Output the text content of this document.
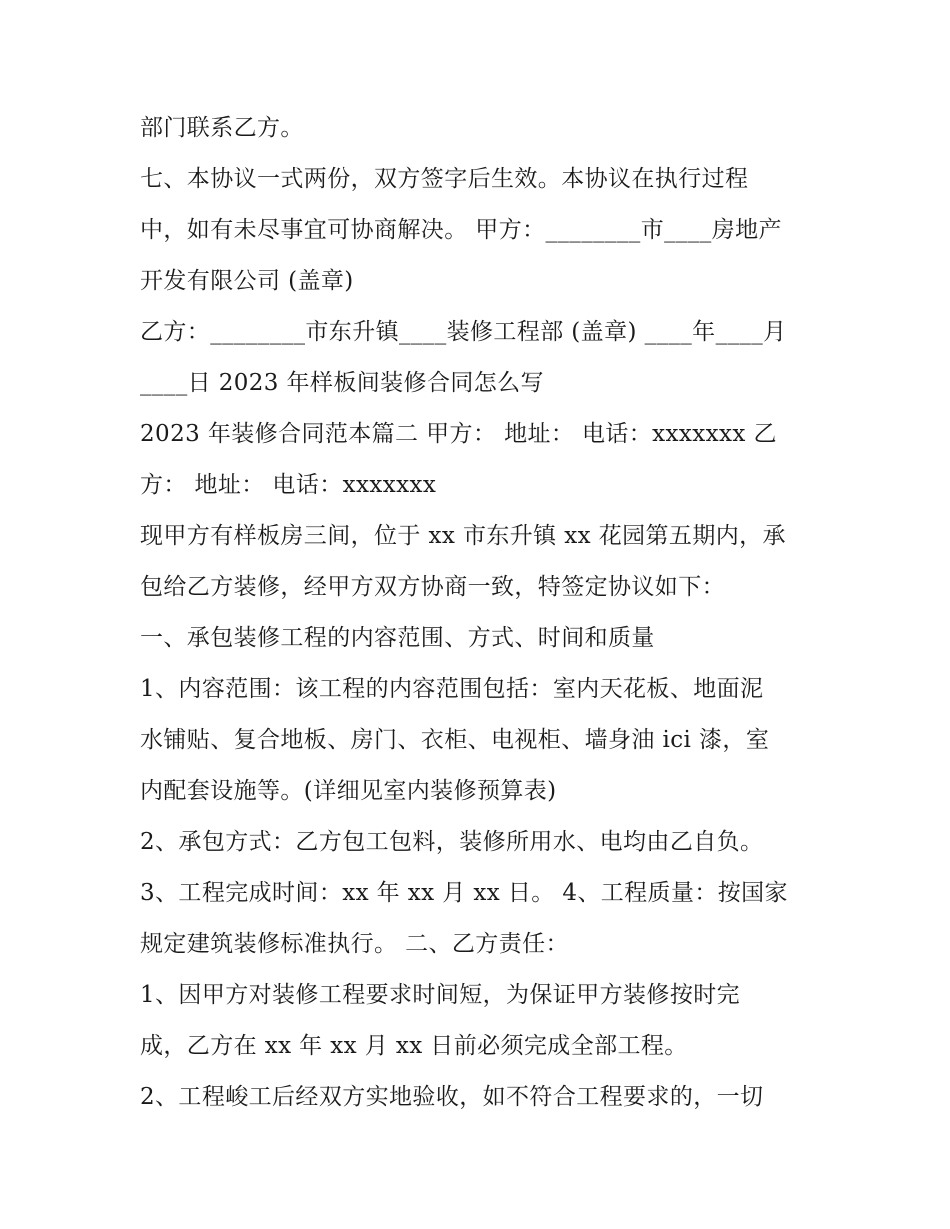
部门联系乙方。
七、本协议一式两份，双方签字后生效。本协议在执行过程
中，如有未尽事宜可协商解决。 甲方：________市____房地产
开发有限公司 (盖章)
乙方：________市东升镇____装修工程部 (盖章) ____年____月
____日 2023 年样板间装修合同怎么写
2023 年装修合同范本篇二 甲方： 地址： 电话：xxxxxxx 乙
方： 地址： 电话：xxxxxxx
现甲方有样板房三间，位于 xx 市东升镇 xx 花园第五期内，承
包给乙方装修，经甲方双方协商一致，特签定协议如下：
一、承包装修工程的内容范围、方式、时间和质量
1、内容范围：该工程的内容范围包括：室内天花板、地面泥
水铺贴、复合地板、房门、衣柜、电视柜、墙身油 ici 漆，室
内配套设施等。(详细见室内装修预算表)
2、承包方式：乙方包工包料，装修所用水、电均由乙自负。
3、工程完成时间：xx 年 xx 月 xx 日。 4、工程质量：按国家
规定建筑装修标准执行。 二、乙方责任：
1、因甲方对装修工程要求时间短，为保证甲方装修按时完
成，乙方在 xx 年 xx 月 xx 日前必须完成全部工程。
2、工程峻工后经双方实地验收，如不符合工程要求的，一切
